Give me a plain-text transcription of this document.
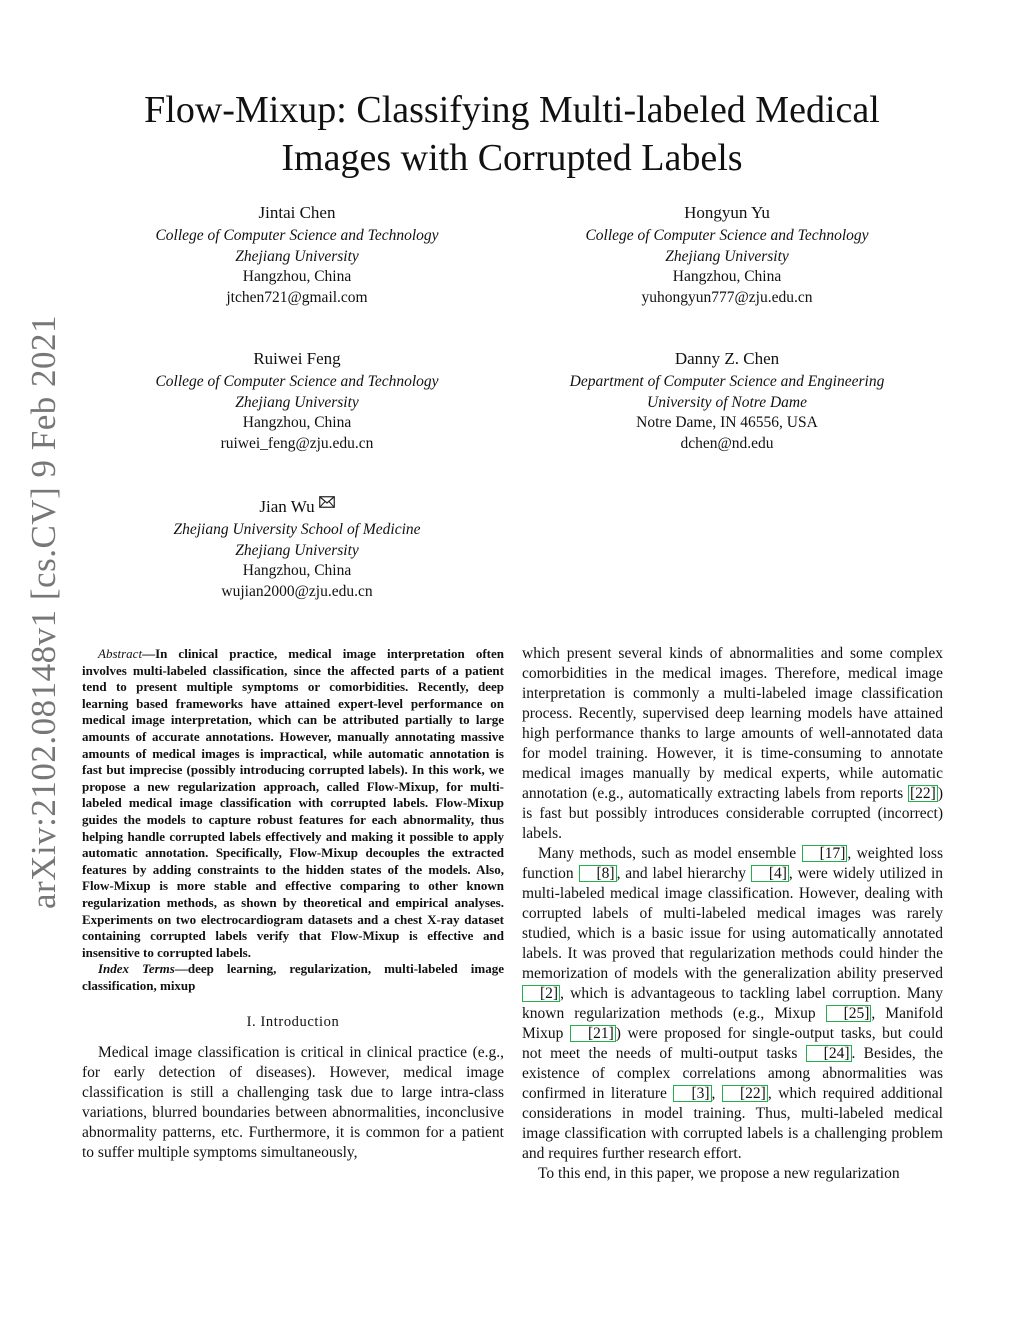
arXiv:2102.08148v1 [cs.CV] 9 Feb 2021
Flow-Mixup: Classifying Multi-labeled Medical
Images with Corrupted Labels
Jintai Chen
College of Computer Science and Technology
Zhejiang University
Hangzhou, China
jtchen721@gmail.com
Hongyun Yu
College of Computer Science and Technology
Zhejiang University
Hangzhou, China
yuhongyun777@zju.edu.cn
Ruiwei Feng
College of Computer Science and Technology
Zhejiang University
Hangzhou, China
ruiwei_feng@zju.edu.cn
Danny Z. Chen
Department of Computer Science and Engineering
University of Notre Dame
Notre Dame, IN 46556, USA
dchen@nd.edu
Jian Wu
Zhejiang University School of Medicine
Zhejiang University
Hangzhou, China
wujian2000@zju.edu.cn

Abstract—In clinical practice, medical image interpretation often involves multi-labeled classification, since the affected parts of a patient tend to present multiple symptoms or comorbidities. Recently, deep learning based frameworks have attained expert-level performance on medical image interpretation, which can be attributed partially to large amounts of accurate annotations. However, manually annotating massive amounts of medical images is impractical, while automatic annotation is fast but imprecise (possibly introducing corrupted labels). In this work, we propose a new regularization approach, called Flow-Mixup, for multi-labeled medical image classification with corrupted labels. Flow-Mixup guides the models to capture robust features for each abnormality, thus helping handle corrupted labels effectively and making it possible to apply automatic annotation. Specifically, Flow-Mixup decouples the extracted features by adding constraints to the hidden states of the models. Also, Flow-Mixup is more stable and effective comparing to other known regularization methods, as shown by theoretical and empirical analyses. Experiments on two electrocardiogram datasets and a chest X-ray dataset containing corrupted labels verify that Flow-Mixup is effective and insensitive to corrupted labels.

Index Terms—deep learning, regularization, multi-labeled image classification, mixup

I. Introduction

Medical image classification is critical in clinical practice (e.g., for early detection of diseases). However, medical image classification is still a challenging task due to large intra-class variations, blurred boundaries between abnormalities, inconclusive abnormality patterns, etc. Furthermore, it is common for a patient to suffer multiple symptoms simultaneously,

which present several kinds of abnormalities and some complex comorbidities in the medical images. Therefore, medical image interpretation is commonly a multi-labeled image classification process. Recently, supervised deep learning models have attained high performance thanks to large amounts of well-annotated data for model training. However, it is time-consuming to annotate medical images manually by medical experts, while automatic annotation (e.g., automatically extracting labels from reports [22] ) is fast but possibly introduces considerable corrupted (incorrect) labels.

Many methods, such as model ensemble [17] , weighted loss function [8] , and label hierarchy [4] , were widely utilized in multi-labeled medical image classification. However, dealing with corrupted labels of multi-labeled medical images was rarely studied, which is a basic issue for using automatically annotated labels. It was proved that regularization methods could hinder the memorization of models with the generalization ability preserved [2] , which is advantageous to tackling label corruption. Many known regularization methods (e.g., Mixup [25] , Manifold Mixup [21] ) were proposed for single-output tasks, but could not meet the needs of multi-output tasks [24] . Besides, the existence of complex correlations among abnormalities was confirmed in literature [3] , [22] , which required additional considerations in model training. Thus, multi-labeled medical image classification with corrupted labels is a challenging problem and requires further research effort.

To this end, in this paper, we propose a new regularization
